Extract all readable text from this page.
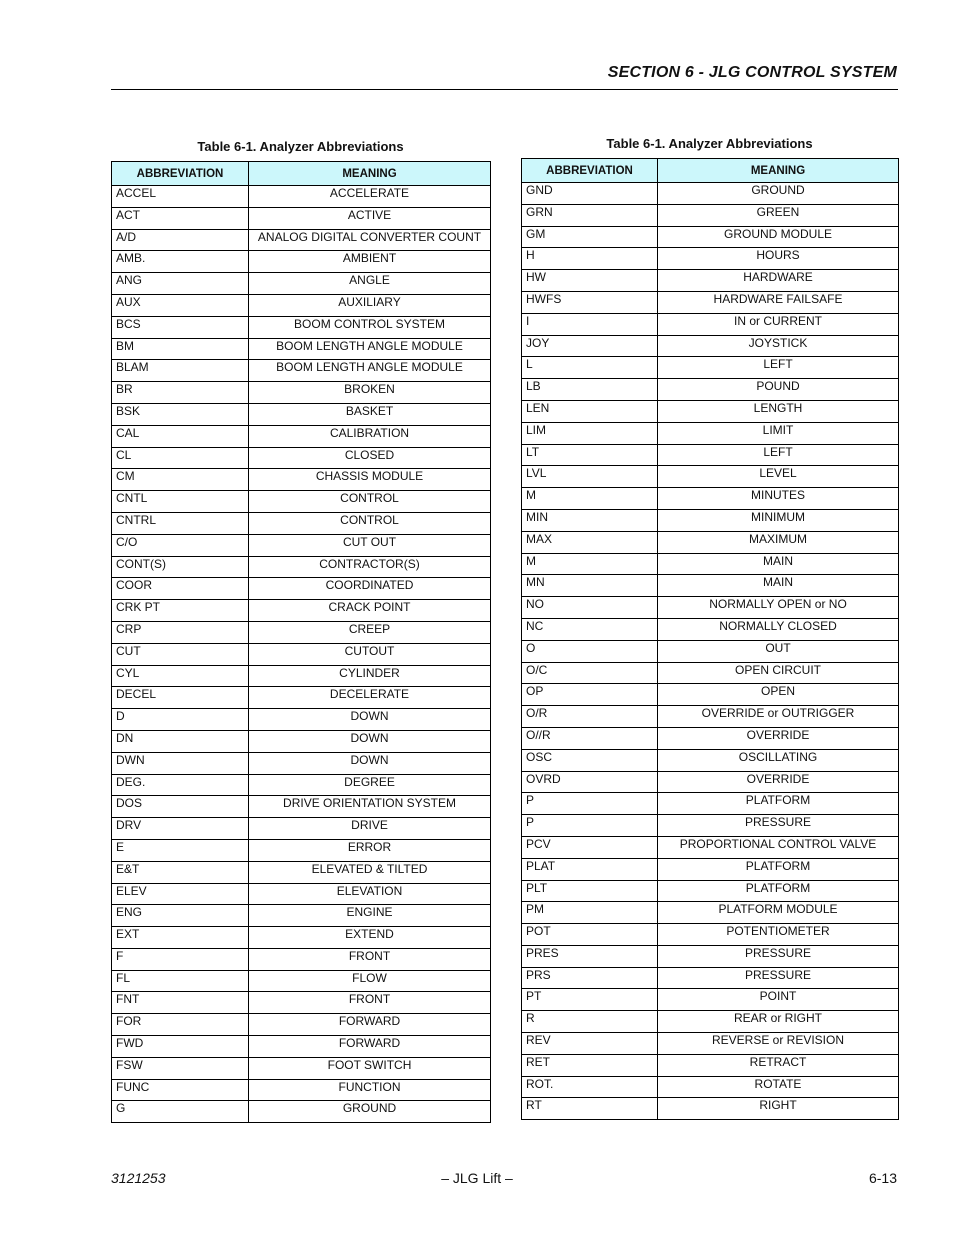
SECTION 6 - JLG CONTROL SYSTEM
Table 6-1. Analyzer Abbreviations
ABBREVIATION	MEANING
ACCEL	ACCELERATE
ACT	ACTIVE
A/D	ANALOG DIGITAL CONVERTER COUNT
AMB.	AMBIENT
ANG	ANGLE
AUX	AUXILIARY
BCS	BOOM CONTROL SYSTEM
BM	BOOM LENGTH ANGLE MODULE
BLAM	BOOM LENGTH ANGLE MODULE
BR	BROKEN
BSK	BASKET
CAL	CALIBRATION
CL	CLOSED
CM	CHASSIS MODULE
CNTL	CONTROL
CNTRL	CONTROL
C/O	CUT OUT
CONT(S)	CONTRACTOR(S)
COOR	COORDINATED
CRK PT	CRACK POINT
CRP	CREEP
CUT	CUTOUT
CYL	CYLINDER
DECEL	DECELERATE
D	DOWN
DN	DOWN
DWN	DOWN
DEG.	DEGREE
DOS	DRIVE ORIENTATION SYSTEM
DRV	DRIVE
E	ERROR
E&T	ELEVATED & TILTED
ELEV	ELEVATION
ENG	ENGINE
EXT	EXTEND
F	FRONT
FL	FLOW
FNT	FRONT
FOR	FORWARD
FWD	FORWARD
FSW	FOOT SWITCH
FUNC	FUNCTION
G	GROUND
Table 6-1. Analyzer Abbreviations
ABBREVIATION	MEANING
GND	GROUND
GRN	GREEN
GM	GROUND MODULE
H	HOURS
HW	HARDWARE
HWFS	HARDWARE FAILSAFE
I	IN or CURRENT
JOY	JOYSTICK
L	LEFT
LB	POUND
LEN	LENGTH
LIM	LIMIT
LT	LEFT
LVL	LEVEL
M	MINUTES
MIN	MINIMUM
MAX	MAXIMUM
M	MAIN
MN	MAIN
NO	NORMALLY OPEN or NO
NC	NORMALLY CLOSED
O	OUT
O/C	OPEN CIRCUIT
OP	OPEN
O/R	OVERRIDE or OUTRIGGER
O//R	OVERRIDE
OSC	OSCILLATING
OVRD	OVERRIDE
P	PLATFORM
P	PRESSURE
PCV	PROPORTIONAL CONTROL VALVE
PLAT	PLATFORM
PLT	PLATFORM
PM	PLATFORM MODULE
POT	POTENTIOMETER
PRES	PRESSURE
PRS	PRESSURE
PT	POINT
R	REAR or RIGHT
REV	REVERSE or REVISION
RET	RETRACT
ROT.	ROTATE
RT	RIGHT
3121253	– JLG Lift –	6-13
